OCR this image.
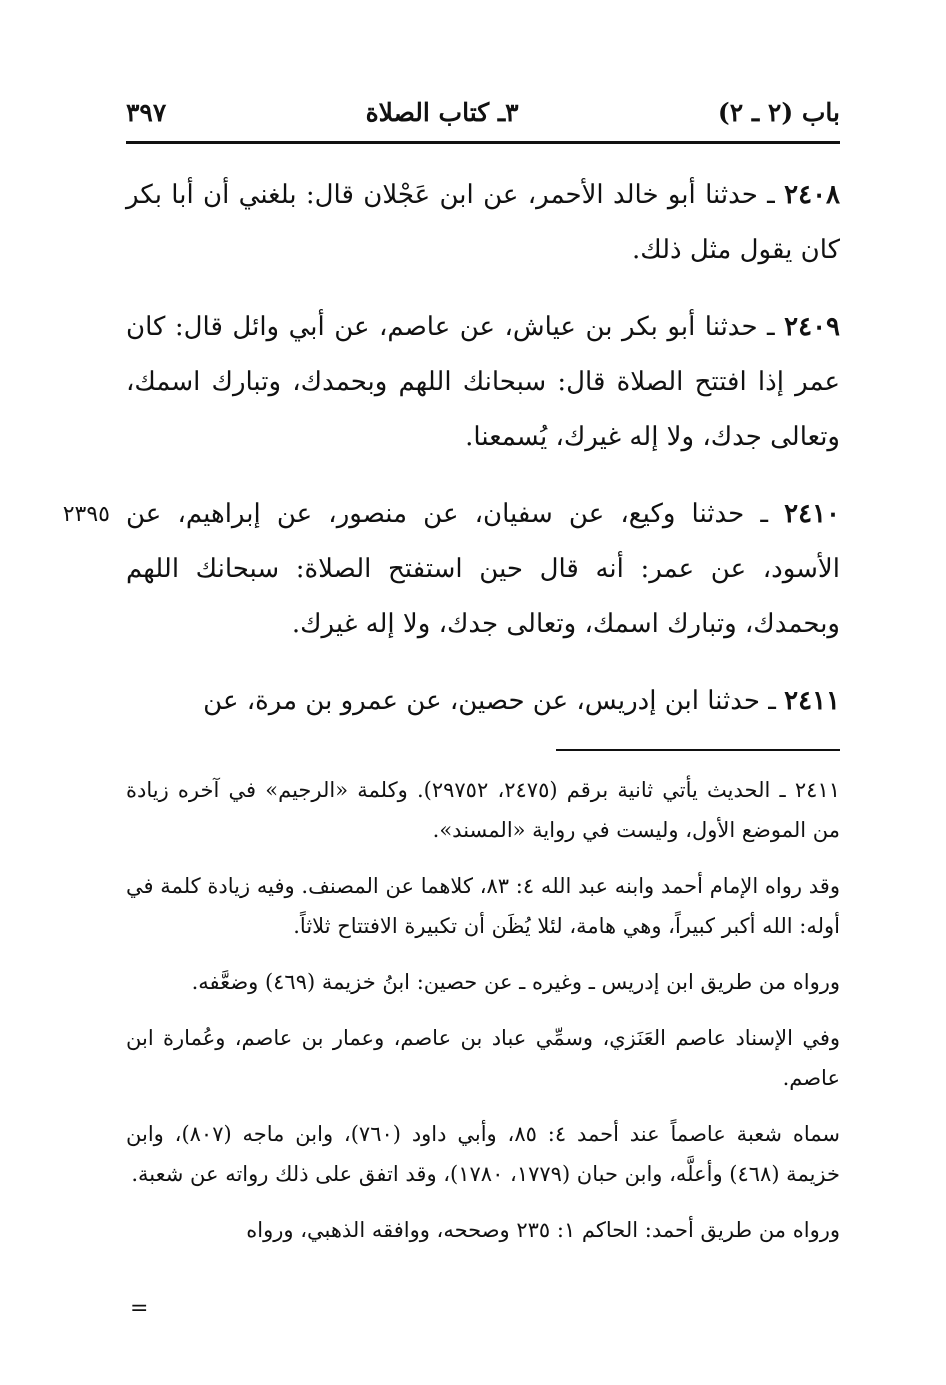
باب (٢ ـ ٢)
٣ـ كتاب الصلاة
٣٩٧

٢٤٠٨ ـ حدثنا أبو خالد الأحمر، عن ابن عَجْلان قال: بلغني أن أبا بكر كان يقول مثل ذلك.

٢٤٠٩ ـ حدثنا أبو بكر بن عياش، عن عاصم، عن أبي وائل قال: كان عمر إذا افتتح الصلاة قال: سبحانك اللهم وبحمدك، وتبارك اسمك، وتعالى جدك، ولا إله غيرك، يُسمعنا.

٢٣٩٥	٢٤١٠ ـ حدثنا وكيع، عن سفيان، عن منصور، عن إبراهيم، عن الأسود، عن عمر: أنه قال حين استفتح الصلاة: سبحانك اللهم وبحمدك، وتبارك اسمك، وتعالى جدك، ولا إله غيرك.

٢٤١١ ـ حدثنا ابن إدريس، عن حصين، عن عمرو بن مرة، عن

٢٤١١ ـ الحديث يأتي ثانية برقم (٢٤٧٥، ٢٩٧٥٢). وكلمة «الرجيم» في آخره زيادة من الموضع الأول، وليست في رواية «المسند».

وقد رواه الإمام أحمد وابنه عبد الله ٤: ٨٣، كلاهما عن المصنف. وفيه زيادة كلمة في أوله: الله أكبر كبيراً، وهي هامة، لئلا يُظَن أن تكبيرة الافتتاح ثلاثاً.

ورواه من طريق ابن إدريس ـ وغيره ـ عن حصين: ابنُ خزيمة (٤٦٩) وضعَّفه.

وفي الإسناد عاصم العَنَزي، وسمِّي عباد بن عاصم، وعمار بن عاصم، وعُمارة ابن عاصم.

سماه شعبة عاصماً عند أحمد ٤: ٨٥، وأبي داود (٧٦٠)، وابن ماجه (٨٠٧)، وابن خزيمة (٤٦٨) وأعلَّه، وابن حبان (١٧٧٩، ١٧٨٠)، وقد اتفق على ذلك رواته عن شعبة.

ورواه من طريق أحمد: الحاكم ١: ٢٣٥ وصححه، ووافقه الذهبي، ورواه

=
